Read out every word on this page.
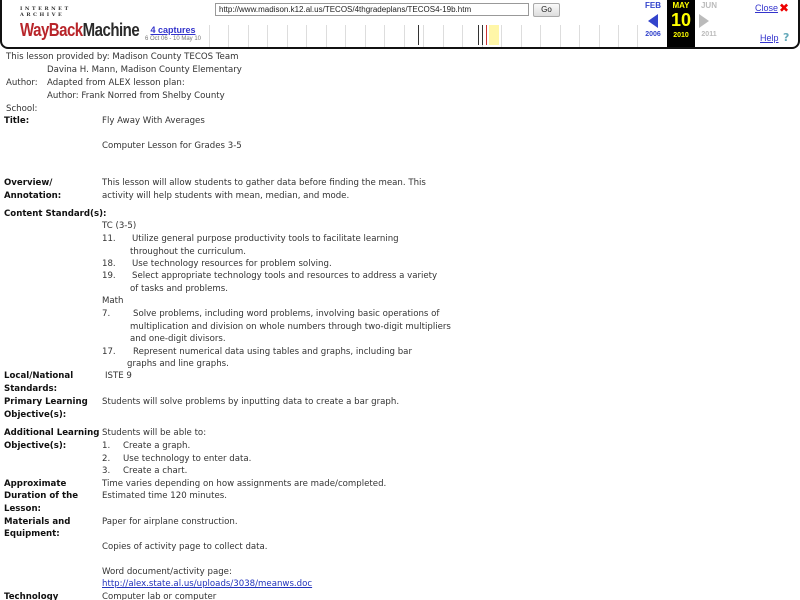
INTERNET ARCHIVE
WayBackMachine	4 captures
6 Oct 06 - 10 May 10
http://www.madison.k12.al.us/TECOS/4thgradeplans/TECOS4-19b.htm
Go	FEB
2006
MAY
10
2010
JUN
2011
Close ✖
Help ?
This lesson provided by: Madison County TECOS Team
Davina H. Mann, Madison County Elementary
Author: Adapted from ALEX lesson plan:
Author: Frank Norred from Shelby County
School:
Title:	Fly Away With Averages
Computer Lesson for Grades 3-5
Overview/
Annotation:
This lesson will allow students to gather data before finding the mean. This
activity will help students with mean, median, and mode.
Content Standard(s):
TC (3-5)
11. Utilize general purpose productivity tools to facilitate learning
throughout the curriculum.
18. Use technology resources for problem solving.
19. Select appropriate technology tools and resources to address a variety
of tasks and problems.
Math
7.	Solve problems, including word problems, involving basic operations of
multiplication and division on whole numbers through two-digit multipliers
and one-digit divisors.
17. Represent numerical data using tables and graphs, including bar
graphs and line graphs.
Local/National
Standards:
ISTE 9
Primary Learning
Objective(s):
Students will solve problems by inputting data to create a bar graph.
Additional Learning
Objective(s):
Students will be able to:
1. Create a graph.
2. Use technology to enter data.
3. Create a chart.
Approximate
Duration of the
Lesson:
Time varies depending on how assignments are made/completed.
Estimated time 120 minutes.
Materials and
Equipment:
Paper for airplane construction.
Copies of activity page to collect data.
Word document/activity page:
http://alex.state.al.us/uploads/3038/meanws.doc
Technology	Computer lab or computer
